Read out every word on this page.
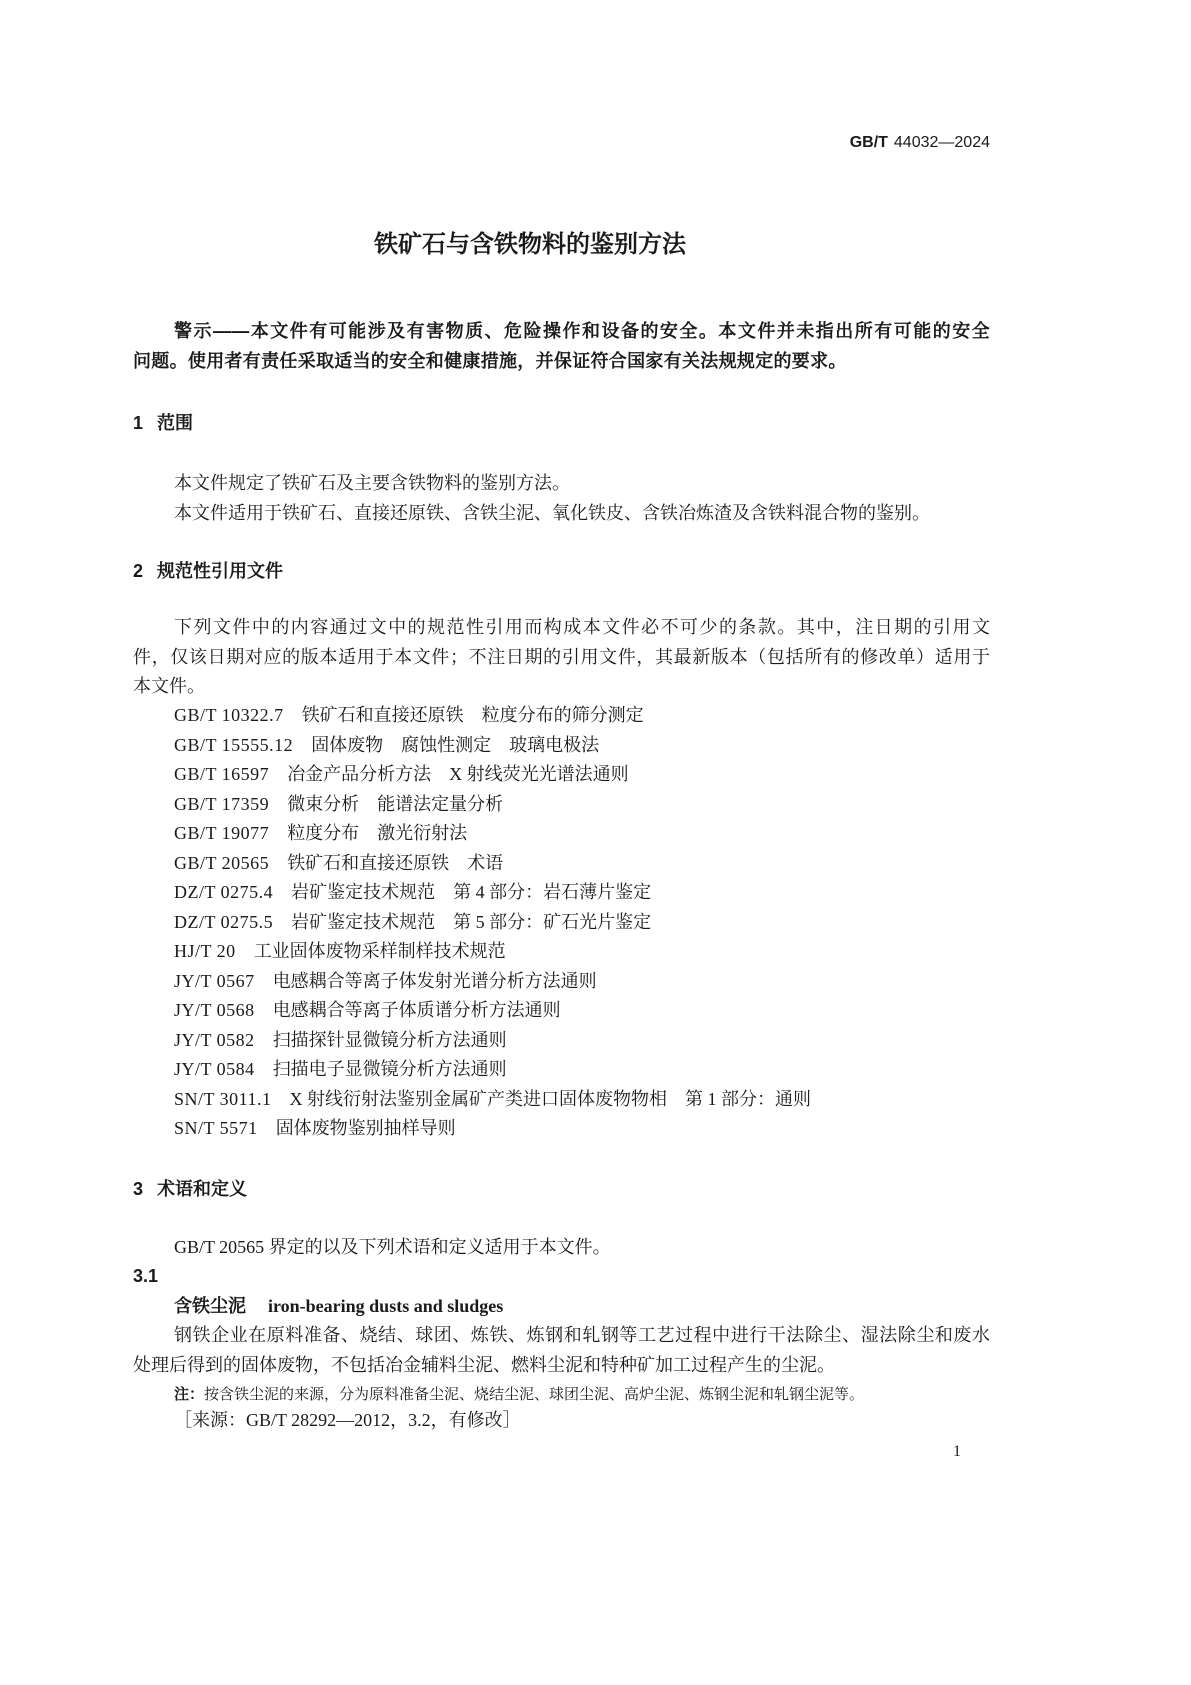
GB/T 44032—2024
铁矿石与含铁物料的鉴别方法
警示——本文件有可能涉及有害物质、危险操作和设备的安全。本文件并未指出所有可能的安全
问题。使用者有责任采取适当的安全和健康措施，并保证符合国家有关法规规定的要求。
1 范围
本文件规定了铁矿石及主要含铁物料的鉴别方法。
本文件适用于铁矿石、直接还原铁、含铁尘泥、氧化铁皮、含铁冶炼渣及含铁料混合物的鉴别。
2 规范性引用文件
下列文件中的内容通过文中的规范性引用而构成本文件必不可少的条款。其中，注日期的引用文
件，仅该日期对应的版本适用于本文件；不注日期的引用文件，其最新版本（包括所有的修改单）适用于
本文件。
GB/T 10322.7 铁矿石和直接还原铁　粒度分布的筛分测定
GB/T 15555.12 固体废物　腐蚀性测定　玻璃电极法
GB/T 16597 冶金产品分析方法　X 射线荧光光谱法通则
GB/T 17359 微束分析　能谱法定量分析
GB/T 19077 粒度分布　激光衍射法
GB/T 20565 铁矿石和直接还原铁　术语
DZ/T 0275.4 岩矿鉴定技术规范　第 4 部分：岩石薄片鉴定
DZ/T 0275.5 岩矿鉴定技术规范　第 5 部分：矿石光片鉴定
HJ/T 20 工业固体废物采样制样技术规范
JY/T 0567 电感耦合等离子体发射光谱分析方法通则
JY/T 0568 电感耦合等离子体质谱分析方法通则
JY/T 0582 扫描探针显微镜分析方法通则
JY/T 0584 扫描电子显微镜分析方法通则
SN/T 3011.1 X 射线衍射法鉴别金属矿产类进口固体废物物相　第 1 部分：通则
SN/T 5571 固体废物鉴别抽样导则
3 术语和定义
GB/T 20565 界定的以及下列术语和定义适用于本文件。
3.1
含铁尘泥 iron-bearing dusts and sludges
钢铁企业在原料准备、烧结、球团、炼铁、炼钢和轧钢等工艺过程中进行干法除尘、湿法除尘和废水
处理后得到的固体废物，不包括冶金辅料尘泥、燃料尘泥和特种矿加工过程产生的尘泥。
注：按含铁尘泥的来源，分为原料准备尘泥、烧结尘泥、球团尘泥、高炉尘泥、炼钢尘泥和轧钢尘泥等。
［来源：GB/T 28292—2012，3.2，有修改］
1
